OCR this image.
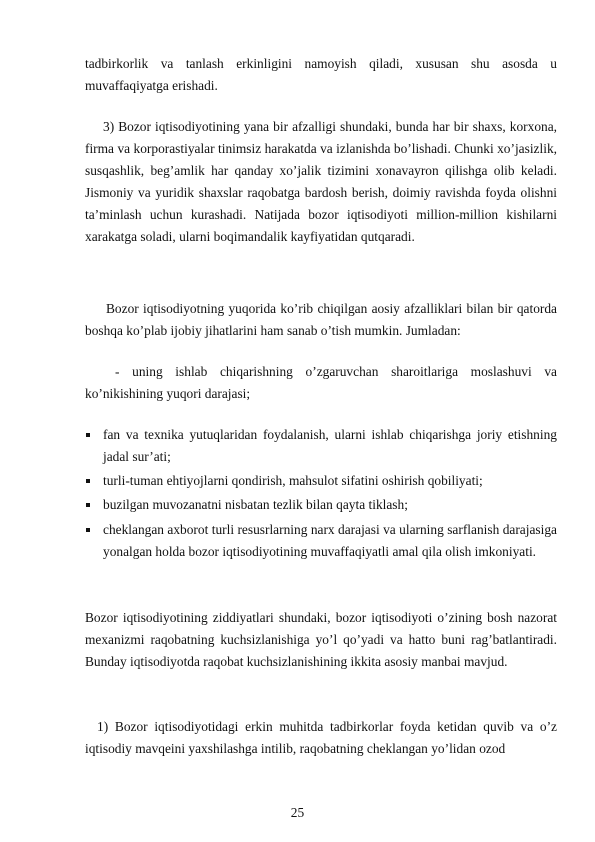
tadbirkorlik va tanlash erkinligini namoyish qiladi, xususan shu asosda u muvaffaqiyatga erishadi.

3) Bozor iqtisodiyotining yana bir afzalligi shundaki, bunda har bir shaxs, korxona, firma va korporastiyalar tinimsiz harakatda va izlanishda bo’lishadi. Chunki xo’jasizlik, susqashlik, beg’amlik har qanday xo’jalik tizimini xonavayron qilishga olib keladi. Jismoniy va yuridik shaxslar raqobatga bardosh berish, doimiy ravishda foyda olishni ta’minlash uchun kurashadi. Natijada bozor iqtisodiyoti million-million kishilarni xarakatga soladi, ularni boqimandalik kayfiyatidan qutqaradi.

Bozor iqtisodiyotning yuqorida ko’rib chiqilgan aosiy afzalliklari bilan bir qatorda boshqa ko’plab ijobiy jihatlarini ham sanab o’tish mumkin. Jumladan:

- uning ishlab chiqarishning o’zgaruvchan sharoitlariga moslashuvi va ko’nikishining yuqori darajasi;

fan va texnika yutuqlaridan foydalanish, ularni ishlab chiqarishga joriy etishning jadal sur’ati;

turli-tuman ehtiyojlarni qondirish, mahsulot sifatini oshirish qobiliyati;

buzilgan muvozanatni nisbatan tezlik bilan qayta tiklash;

cheklangan axborot turli resusrlarning narx darajasi va ularning sarflanish darajasiga yonalgan holda bozor iqtisodiyotining muvaffaqiyatli amal qila olish imkoniyati.

Bozor iqtisodiyotining ziddiyatlari shundaki, bozor iqtisodiyoti o’zining bosh nazorat mexanizmi raqobatning kuchsizlanishiga yo’l qo’yadi va hatto buni rag’batlantiradi. Bunday iqtisodiyotda raqobat kuchsizlanishining ikkita asosiy manbai mavjud.

1) Bozor iqtisodiyotidagi erkin muhitda tadbirkorlar foyda ketidan quvib va o’z iqtisodiy mavqeini yaxshilashga intilib, raqobatning cheklangan yo’lidan ozod

25
